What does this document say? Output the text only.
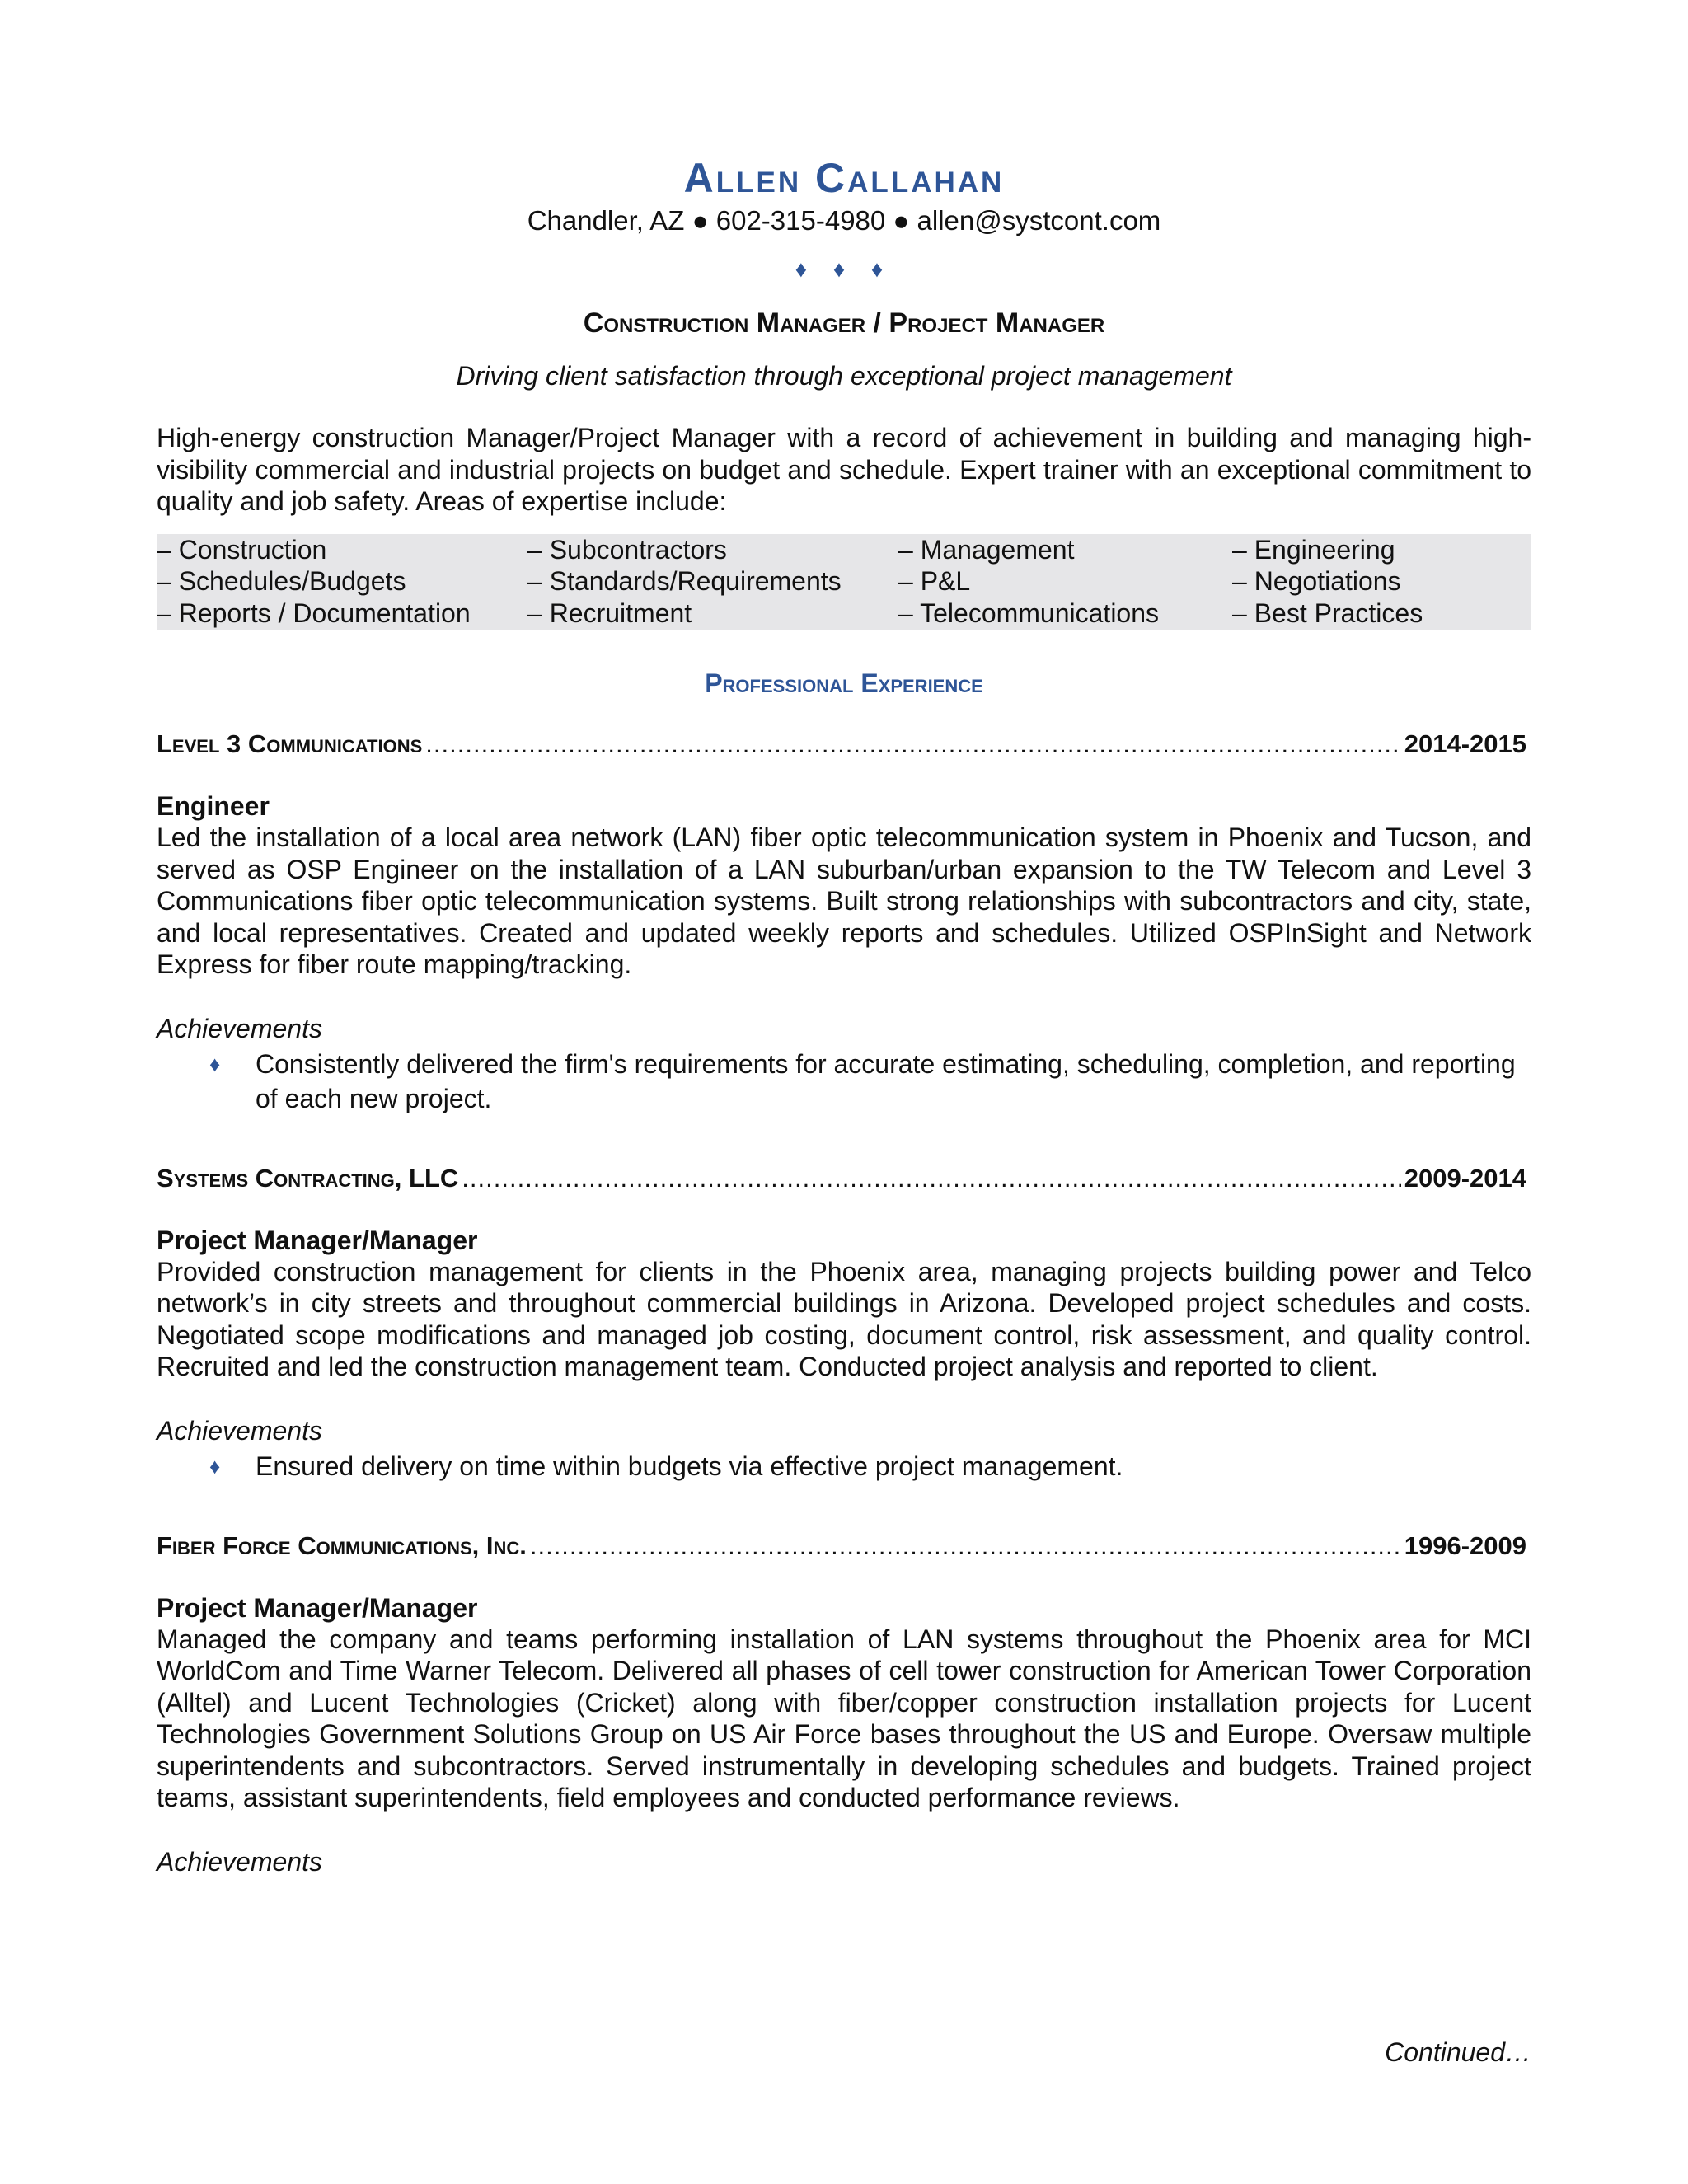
Allen Callahan
Chandler, AZ ● 602-315-4980 ● allen@systcont.com
♦ ♦ ♦
Construction Manager / Project Manager
Driving client satisfaction through exceptional project management
High-energy construction Manager/Project Manager with a record of achievement in building and managing high-visibility commercial and industrial projects on budget and schedule. Expert trainer with an exceptional commitment to quality and job safety. Areas of expertise include:
– Construction	– Subcontractors	– Management	– Engineering
– Schedules/Budgets	– Standards/Requirements	– P&L	– Negotiations
– Reports / Documentation	– Recruitment	– Telecommunications	– Best Practices
Professional Experience
Level 3 Communications .....	2014-2015
Engineer
Led the installation of a local area network (LAN) fiber optic telecommunication system in Phoenix and Tucson, and served as OSP Engineer on the installation of a LAN suburban/urban expansion to the TW Telecom and Level 3 Communications fiber optic telecommunication systems. Built strong relationships with subcontractors and city, state, and local representatives. Created and updated weekly reports and schedules. Utilized OSPInSight and Network Express for fiber route mapping/tracking.
Achievements
♦	Consistently delivered the firm's requirements for accurate estimating, scheduling, completion, and reporting of each new project.
Systems Contracting, LLC .....	2009-2014
Project Manager/Manager
Provided construction management for clients in the Phoenix area, managing projects building power and Telco network’s in city streets and throughout commercial buildings in Arizona. Developed project schedules and costs. Negotiated scope modifications and managed job costing, document control, risk assessment, and quality control. Recruited and led the construction management team. Conducted project analysis and reported to client.
Achievements
♦	Ensured delivery on time within budgets via effective project management.
Fiber Force Communications, Inc. .....	1996-2009
Project Manager/Manager
Managed the company and teams performing installation of LAN systems throughout the Phoenix area for MCI WorldCom and Time Warner Telecom. Delivered all phases of cell tower construction for American Tower Corporation (Alltel) and Lucent Technologies (Cricket) along with fiber/copper construction installation projects for Lucent Technologies Government Solutions Group on US Air Force bases throughout the US and Europe. Oversaw multiple superintendents and subcontractors. Served instrumentally in developing schedules and budgets. Trained project teams, assistant superintendents, field employees and conducted performance reviews.
Achievements
Continued…
